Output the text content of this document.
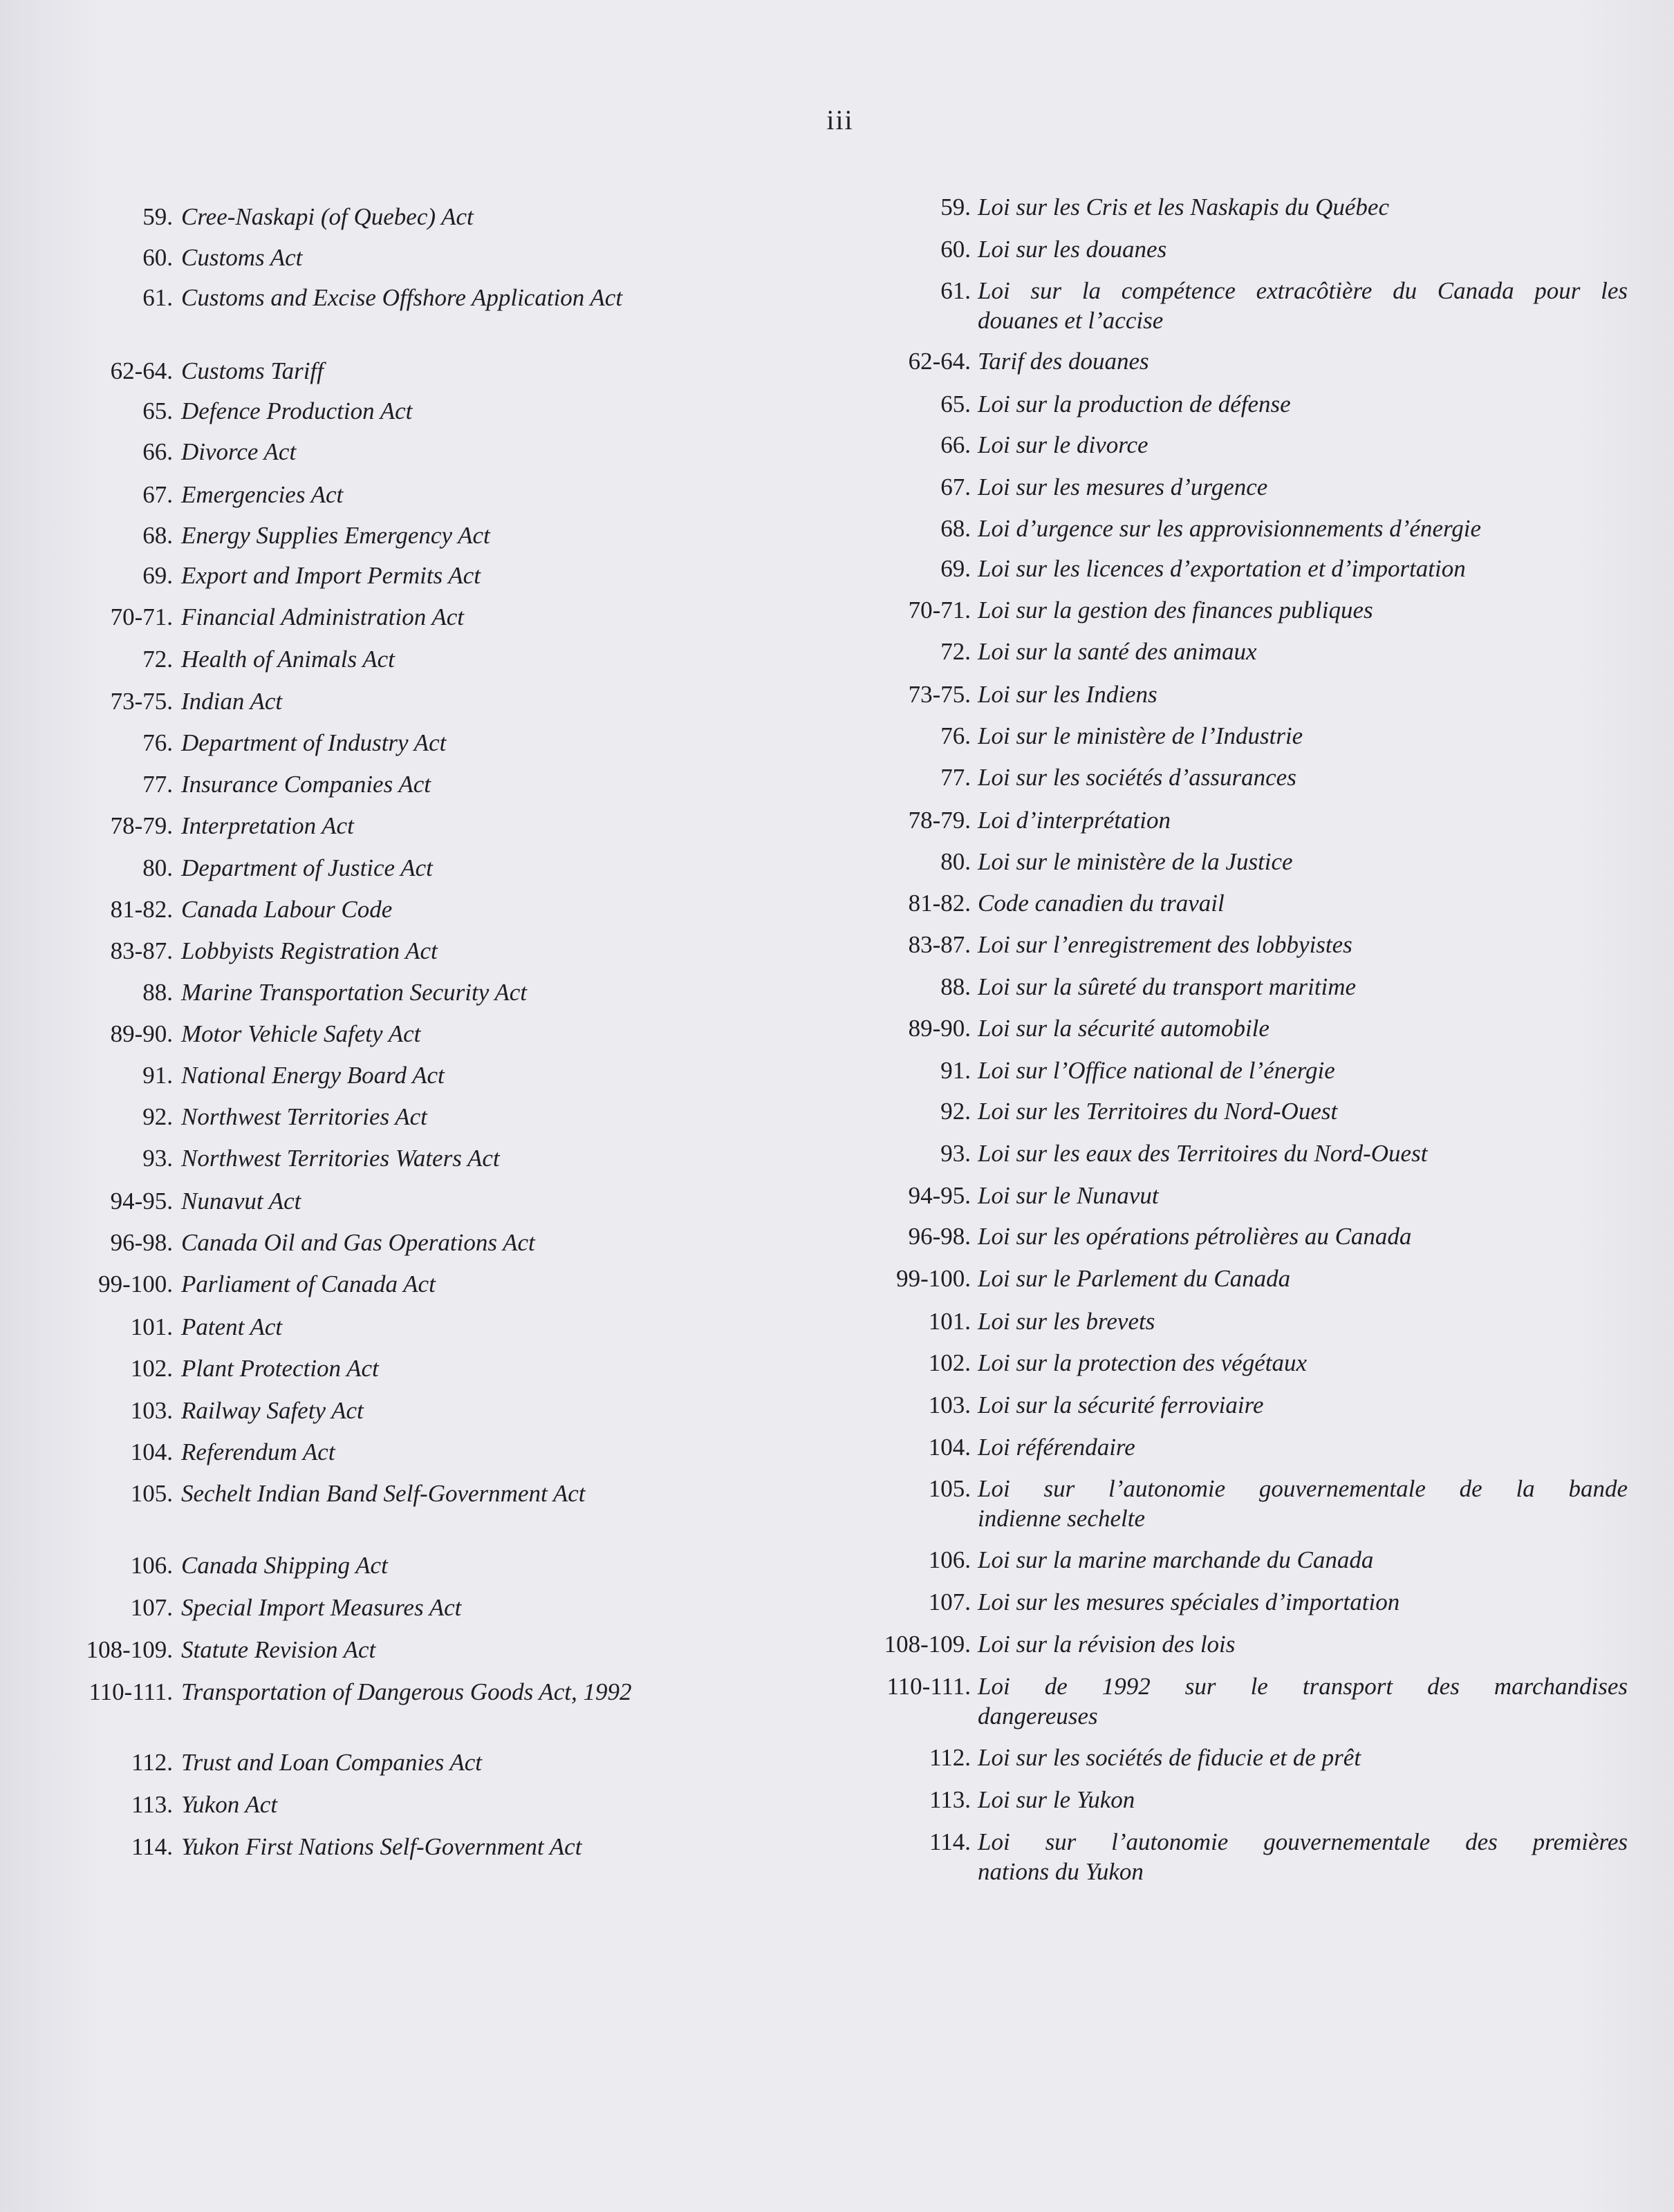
iii
59. Cree-Naskapi (of Quebec) Act
60. Customs Act
61. Customs and Excise Offshore Application Act
62-64. Customs Tariff
65. Defence Production Act
66. Divorce Act
67. Emergencies Act
68. Energy Supplies Emergency Act
69. Export and Import Permits Act
70-71. Financial Administration Act
72. Health of Animals Act
73-75. Indian Act
76. Department of Industry Act
77. Insurance Companies Act
78-79. Interpretation Act
80. Department of Justice Act
81-82. Canada Labour Code
83-87. Lobbyists Registration Act
88. Marine Transportation Security Act
89-90. Motor Vehicle Safety Act
91. National Energy Board Act
92. Northwest Territories Act
93. Northwest Territories Waters Act
94-95. Nunavut Act
96-98. Canada Oil and Gas Operations Act
99-100. Parliament of Canada Act
101. Patent Act
102. Plant Protection Act
103. Railway Safety Act
104. Referendum Act
105. Sechelt Indian Band Self-Government Act
106. Canada Shipping Act
107. Special Import Measures Act
108-109. Statute Revision Act
110-111. Transportation of Dangerous Goods Act, 1992
112. Trust and Loan Companies Act
113. Yukon Act
114. Yukon First Nations Self-Government Act
59. Loi sur les Cris et les Naskapis du Québec
60. Loi sur les douanes
61. Loi sur la compétence extracôtière du Canada pour les
douanes et l’accise
62-64. Tarif des douanes
65. Loi sur la production de défense
66. Loi sur le divorce
67. Loi sur les mesures d’urgence
68. Loi d’urgence sur les approvisionnements d’énergie
69. Loi sur les licences d’exportation et d’importation
70-71. Loi sur la gestion des finances publiques
72. Loi sur la santé des animaux
73-75. Loi sur les Indiens
76. Loi sur le ministère de l’Industrie
77. Loi sur les sociétés d’assurances
78-79. Loi d’interprétation
80. Loi sur le ministère de la Justice
81-82. Code canadien du travail
83-87. Loi sur l’enregistrement des lobbyistes
88. Loi sur la sûreté du transport maritime
89-90. Loi sur la sécurité automobile
91. Loi sur l’Office national de l’énergie
92. Loi sur les Territoires du Nord-Ouest
93. Loi sur les eaux des Territoires du Nord-Ouest
94-95. Loi sur le Nunavut
96-98. Loi sur les opérations pétrolières au Canada
99-100. Loi sur le Parlement du Canada
101. Loi sur les brevets
102. Loi sur la protection des végétaux
103. Loi sur la sécurité ferroviaire
104. Loi référendaire
105. Loi sur l’autonomie gouvernementale de la bande
indienne sechelte
106. Loi sur la marine marchande du Canada
107. Loi sur les mesures spéciales d’importation
108-109. Loi sur la révision des lois
110-111. Loi de 1992 sur le transport des marchandises
dangereuses
112. Loi sur les sociétés de fiducie et de prêt
113. Loi sur le Yukon
114. Loi sur l’autonomie gouvernementale des premières
nations du Yukon
